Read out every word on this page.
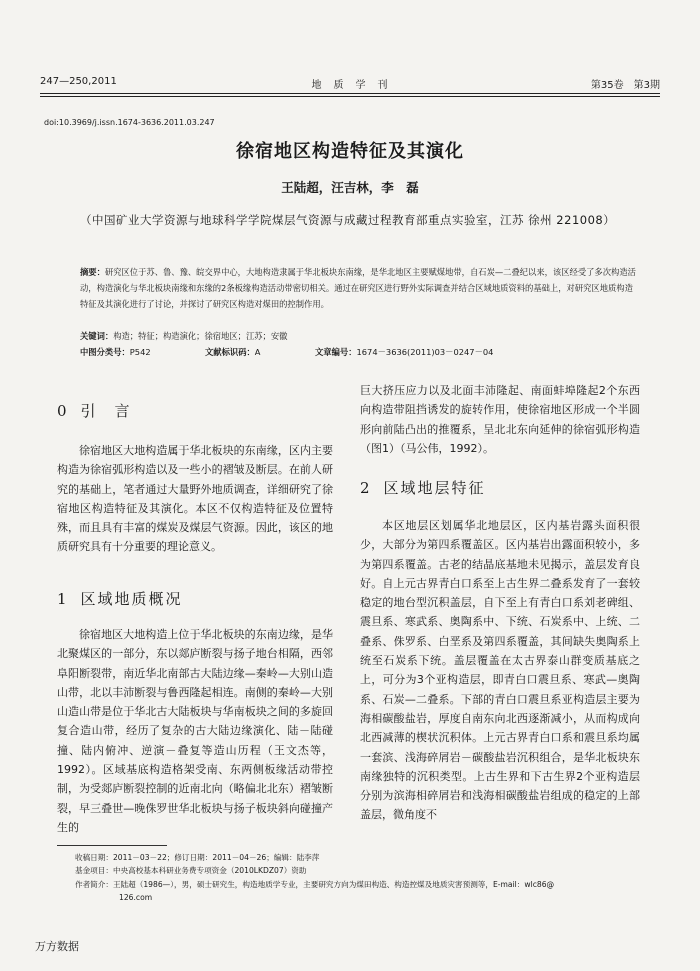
247—250,2011	地　质　学　刊	第35卷　第3期
doi:10.3969/j.issn.1674-3636.2011.03.247
徐宿地区构造特征及其演化
王陆超，汪吉林，李　磊
（中国矿业大学资源与地球科学学院煤层气资源与成藏过程教育部重点实验室，江苏 徐州 221008）
摘要：研究区位于苏、鲁、豫、皖交界中心，大地构造隶属于华北板块东南缘，是华北地区主要赋煤地带，自石炭—二叠纪以来，该区经受了多次构造活动，构造演化与华北板块南缘和东缘的2条板缘构造活动带密切相关。通过在研究区进行野外实际调查并结合区域地质资料的基础上，对研究区地质构造特征及其演化进行了讨论，并探讨了研究区构造对煤田的控制作用。
关键词：构造；特征；构造演化；徐宿地区；江苏；安徽
中图分类号：P542	文献标识码：A	文章编号：1674－3636(2011)03－0247－04
0 引　言

徐宿地区大地构造属于华北板块的东南缘，区内主要构造为徐宿弧形构造以及一些小的褶皱及断层。在前人研究的基础上，笔者通过大量野外地质调查，详细研究了徐宿地区构造特征及其演化。本区不仅构造特征及位置特殊，而且具有丰富的煤炭及煤层气资源。因此，该区的地质研究具有十分重要的理论意义。

1 区域地质概况

徐宿地区大地构造上位于华北板块的东南边缘，是华北聚煤区的一部分，东以郯庐断裂与扬子地台相隔，西邻阜阳断裂带，南近华北南部古大陆边缘—秦岭—大别山造山带，北以丰沛断裂与鲁西隆起相连。南侧的秦岭—大别山造山带是位于华北古大陆板块与华南板块之间的多旋回复合造山带，经历了复杂的古大陆边缘演化、陆－陆碰撞、陆内俯冲、逆演－叠复等造山历程（王文杰等，1992）。区域基底构造格架受南、东两侧板缘活动带控制，为受郯庐断裂控制的近南北向（略偏北北东）褶皱断裂，早三叠世—晚侏罗世华北板块与扬子板块斜向碰撞产生的

巨大挤压应力以及北面丰沛隆起、南面蚌埠隆起2个东西向构造带阻挡诱发的旋转作用，使徐宿地区形成一个半圆形向前陆凸出的推覆系，呈北北东向延伸的徐宿弧形构造（图1）（马公伟，1992）。

2 区域地层特征

本区地层区划属华北地层区，区内基岩露头面积很少，大部分为第四系覆盖区。区内基岩出露面积较小，多为第四系覆盖。古老的结晶底基地未见揭示，盖层发育良好。自上元古界青白口系至上古生界二叠系发育了一套较稳定的地台型沉积盖层，自下至上有青白口系刘老碑组、震旦系、寒武系、奥陶系中、下统、石炭系中、上统、二叠系、侏罗系、白垩系及第四系覆盖，其间缺失奥陶系上统至石炭系下统。盖层覆盖在太古界泰山群变质基底之上，可分为3个亚构造层，即青白口震旦系、寒武—奥陶系、石炭—二叠系。下部的青白口震旦系亚构造层主要为海相碳酸盐岩，厚度自南东向北西逐渐减小，从而构成向北西减薄的楔状沉积体。上元古界青白口系和震旦系均属一套滨、浅海碎屑岩－碳酸盐岩沉积组合，是华北板块东南缘独特的沉积类型。上古生界和下古生界2个亚构造层分别为滨海相碎屑岩和浅海相碳酸盐岩组成的稳定的上部盖层，微角度不

收稿日期：2011－03－22；修订日期：2011－04－26；编辑：陆李萍
基金项目：中央高校基本科研业务费专项资金（2010LKDZ07）资助
作者简介：王陆超（1986—），男，硕士研究生，构造地质学专业，主要研究方向为煤田构造、构造控煤及地质灾害预测等，E-mail：wlc86@
126.com
万方数据
